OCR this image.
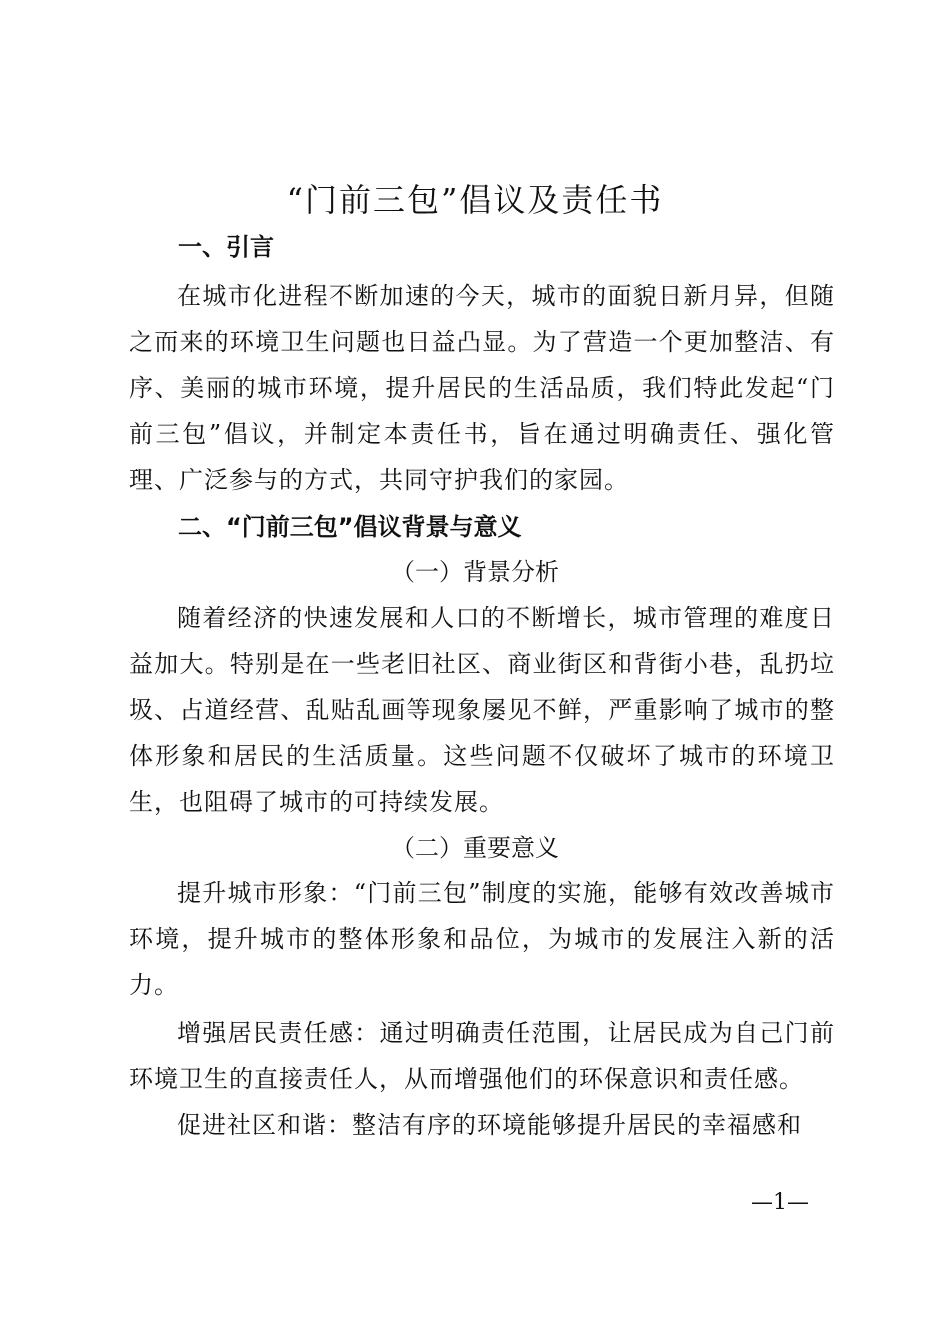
“门前三包”倡议及责任书
一、引言
在城市化进程不断加速的今天，城市的面貌日新月异，但随之而来的环境卫生问题也日益凸显。为了营造一个更加整洁、有序、美丽的城市环境，提升居民的生活品质，我们特此发起“门前三包”倡议，并制定本责任书，旨在通过明确责任、强化管理、广泛参与的方式，共同守护我们的家园。
二、“门前三包”倡议背景与意义
（一）背景分析
随着经济的快速发展和人口的不断增长，城市管理的难度日益加大。特别是在一些老旧社区、商业街区和背街小巷，乱扔垃圾、占道经营、乱贴乱画等现象屡见不鲜，严重影响了城市的整体形象和居民的生活质量。这些问题不仅破坏了城市的环境卫生，也阻碍了城市的可持续发展。
（二）重要意义
提升城市形象：“门前三包”制度的实施，能够有效改善城市环境，提升城市的整体形象和品位，为城市的发展注入新的活力。
增强居民责任感：通过明确责任范围，让居民成为自己门前环境卫生的直接责任人，从而增强他们的环保意识和责任感。
促进社区和谐：整洁有序的环境能够提升居民的幸福感和
—1—
